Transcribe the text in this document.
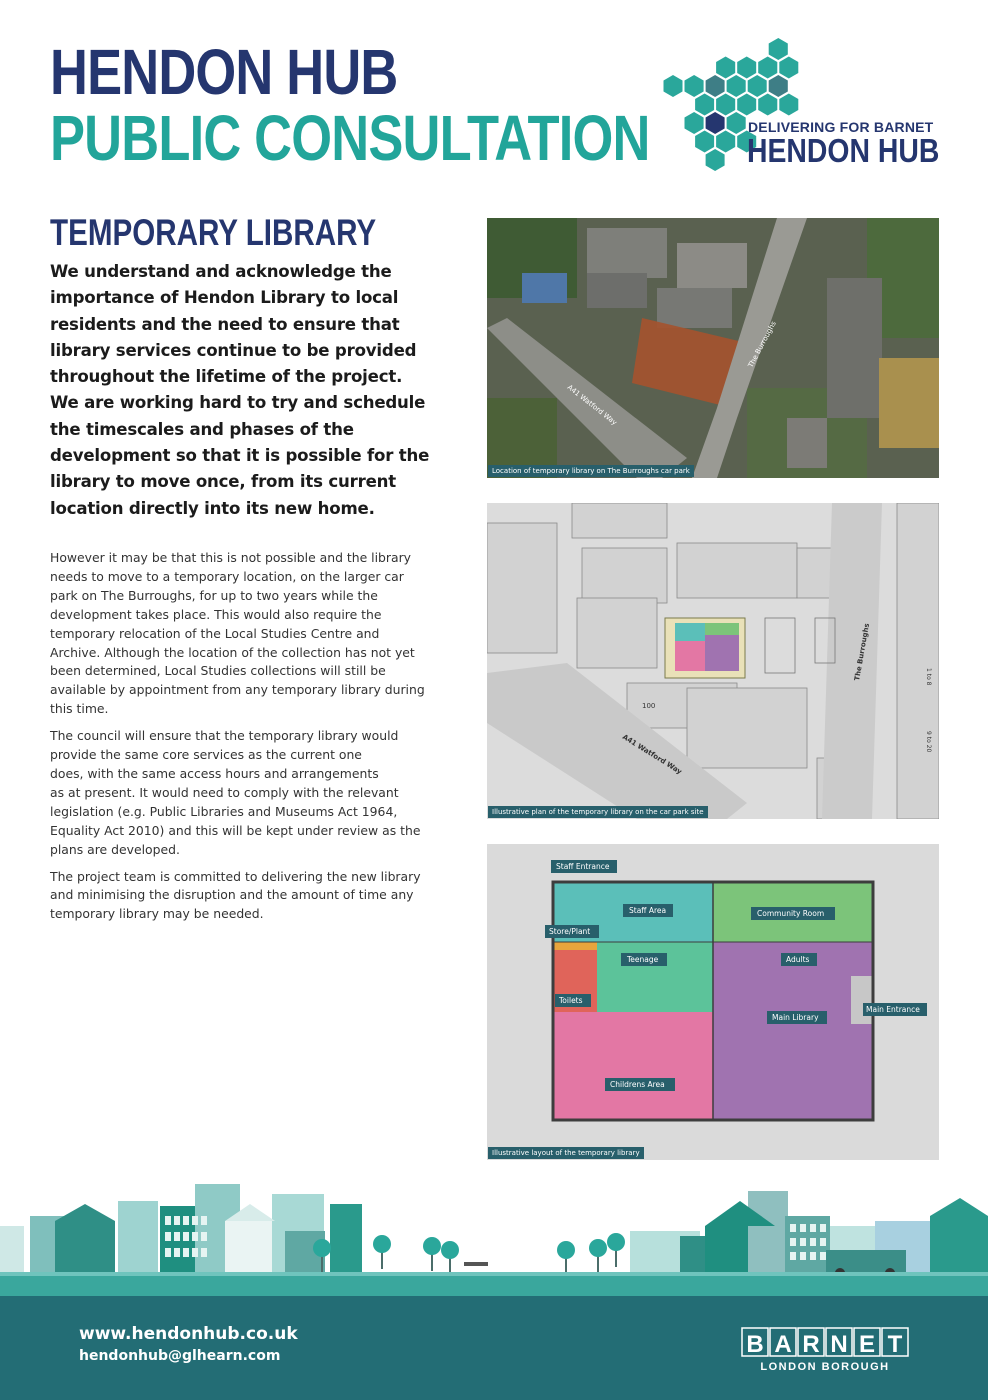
HENDON HUB
PUBLIC CONSULTATION	DELIVERING FOR BARNET
HENDON HUB
TEMPORARY LIBRARY
We understand and acknowledge the
importance of Hendon Library to local
residents and the need to ensure that
library services continue to be provided
throughout the lifetime of the project.
We are working hard to try and schedule
the timescales and phases of the
development so that it is possible for the
library to move once, from its current
location directly into its new home.

However it may be that this is not possible and the library
needs to move to a temporary location, on the larger car
park on The Burroughs, for up to two years while the
development takes place. This would also require the
temporary relocation of the Local Studies Centre and
Archive. Although the location of the collection has not yet
been determined, Local Studies collections will still be
available by appointment from any temporary library during
this time.

The council will ensure that the temporary library would
provide the same core services as the current one
does, with the same access hours and arrangements
as at present. It would need to comply with the relevant
legislation (e.g. Public Libraries and Museums Act 1964,
Equality Act 2010) and this will be kept under review as the
plans are developed.

The project team is committed to delivering the new library
and minimising the disruption and the amount of time any
temporary library may be needed.

A41 Watford Way
The Burroughs
Location of temporary library on The Burroughs car park
100
A41 Watford Way
The Burroughs	1 to 8
9 to 20
Illustrative plan of the temporary library on the car park site
Staff Entrance
Staff Area	Community Room
Store/Plant
Teenage	Adults
Toilets
Main Library
Main Entrance
Childrens Area
Illustrative layout of the temporary library
www.hendonhub.co.uk
hendonhub@glhearn.com	B A R N E T
LONDON BOROUGH
